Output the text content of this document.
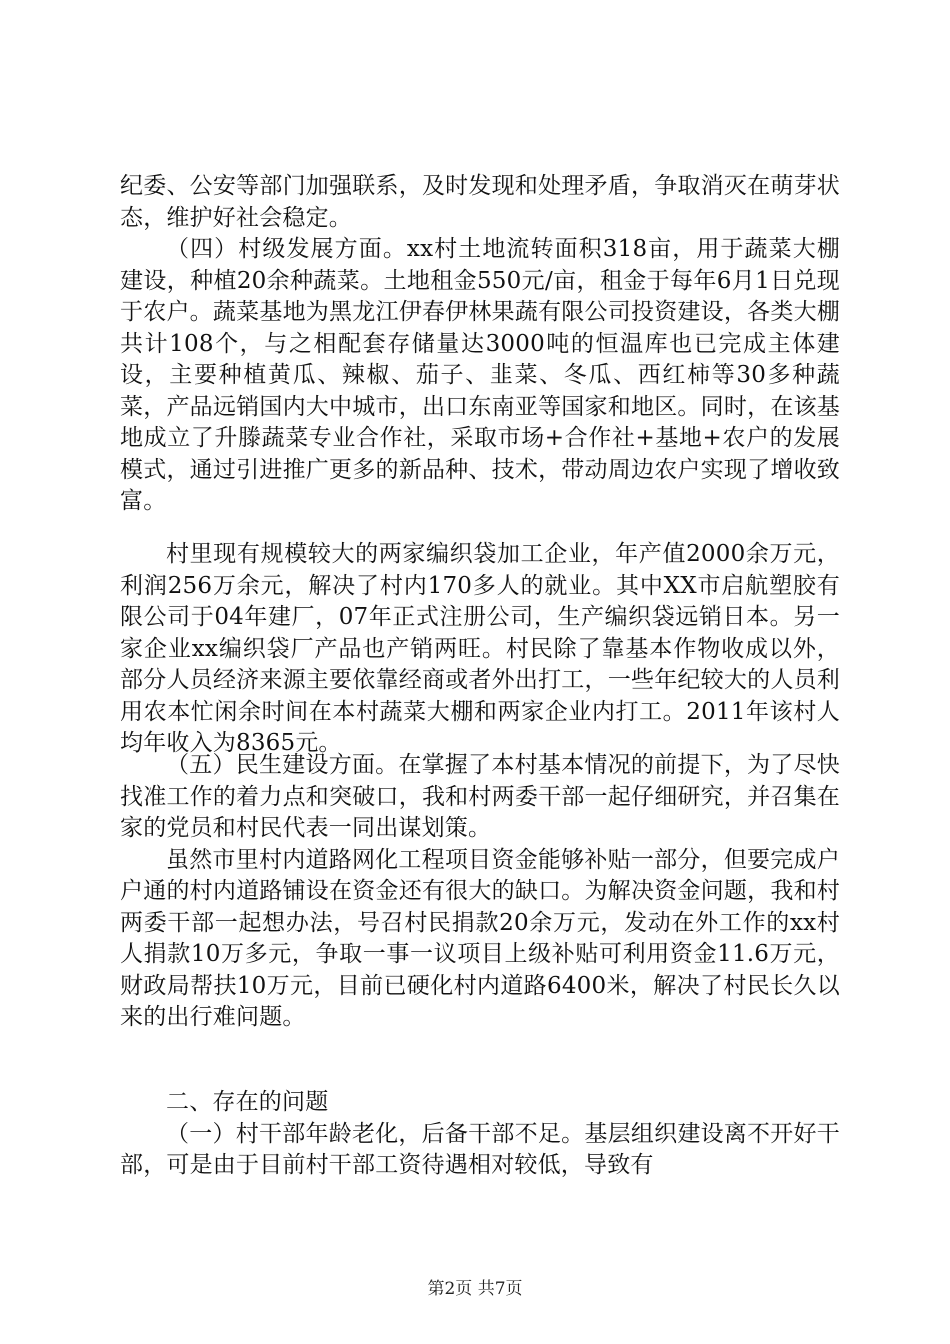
纪委、公安等部门加强联系，及时发现和处理矛盾，争取消灭在萌芽状态，维护好社会稳定。

（四）村级发展方面。xx村土地流转面积318亩，用于蔬菜大棚建设，种植20余种蔬菜。土地租金550元/亩，租金于每年6月1日兑现于农户。蔬菜基地为黑龙江伊春伊林果蔬有限公司投资建设，各类大棚共计108个，与之相配套存储量达3000吨的恒温库也已完成主体建设，主要种植黄瓜、辣椒、茄子、韭菜、冬瓜、西红柿等30多种蔬菜，产品远销国内大中城市，出口东南亚等国家和地区。同时，在该基地成立了升滕蔬菜专业合作社，采取市场+合作社+基地+农户的发展模式，通过引进推广更多的新品种、技术，带动周边农户实现了增收致富。

村里现有规模较大的两家编织袋加工企业，年产值2000余万元，利润256万余元，解决了村内170多人的就业。其中XX市启航塑胶有限公司于04年建厂，07年正式注册公司，生产编织袋远销日本。另一家企业xx编织袋厂产品也产销两旺。村民除了靠基本作物收成以外，部分人员经济来源主要依靠经商或者外出打工，一些年纪较大的人员利用农本忙闲余时间在本村蔬菜大棚和两家企业内打工。2011年该村人均年收入为8365元。

（五）民生建设方面。在掌握了本村基本情况的前提下，为了尽快找准工作的着力点和突破口，我和村两委干部一起仔细研究，并召集在家的党员和村民代表一同出谋划策。

虽然市里村内道路网化工程项目资金能够补贴一部分，但要完成户户通的村内道路铺设在资金还有很大的缺口。为解决资金问题，我和村两委干部一起想办法，号召村民捐款20余万元，发动在外工作的xx村人捐款10万多元，争取一事一议项目上级补贴可利用资金11.6万元，财政局帮扶10万元，目前已硬化村内道路6400米，解决了村民长久以来的出行难问题。

二、存在的问题

（一）村干部年龄老化，后备干部不足。基层组织建设离不开好干部，可是由于目前村干部工资待遇相对较低，导致有

第2页 共7页
